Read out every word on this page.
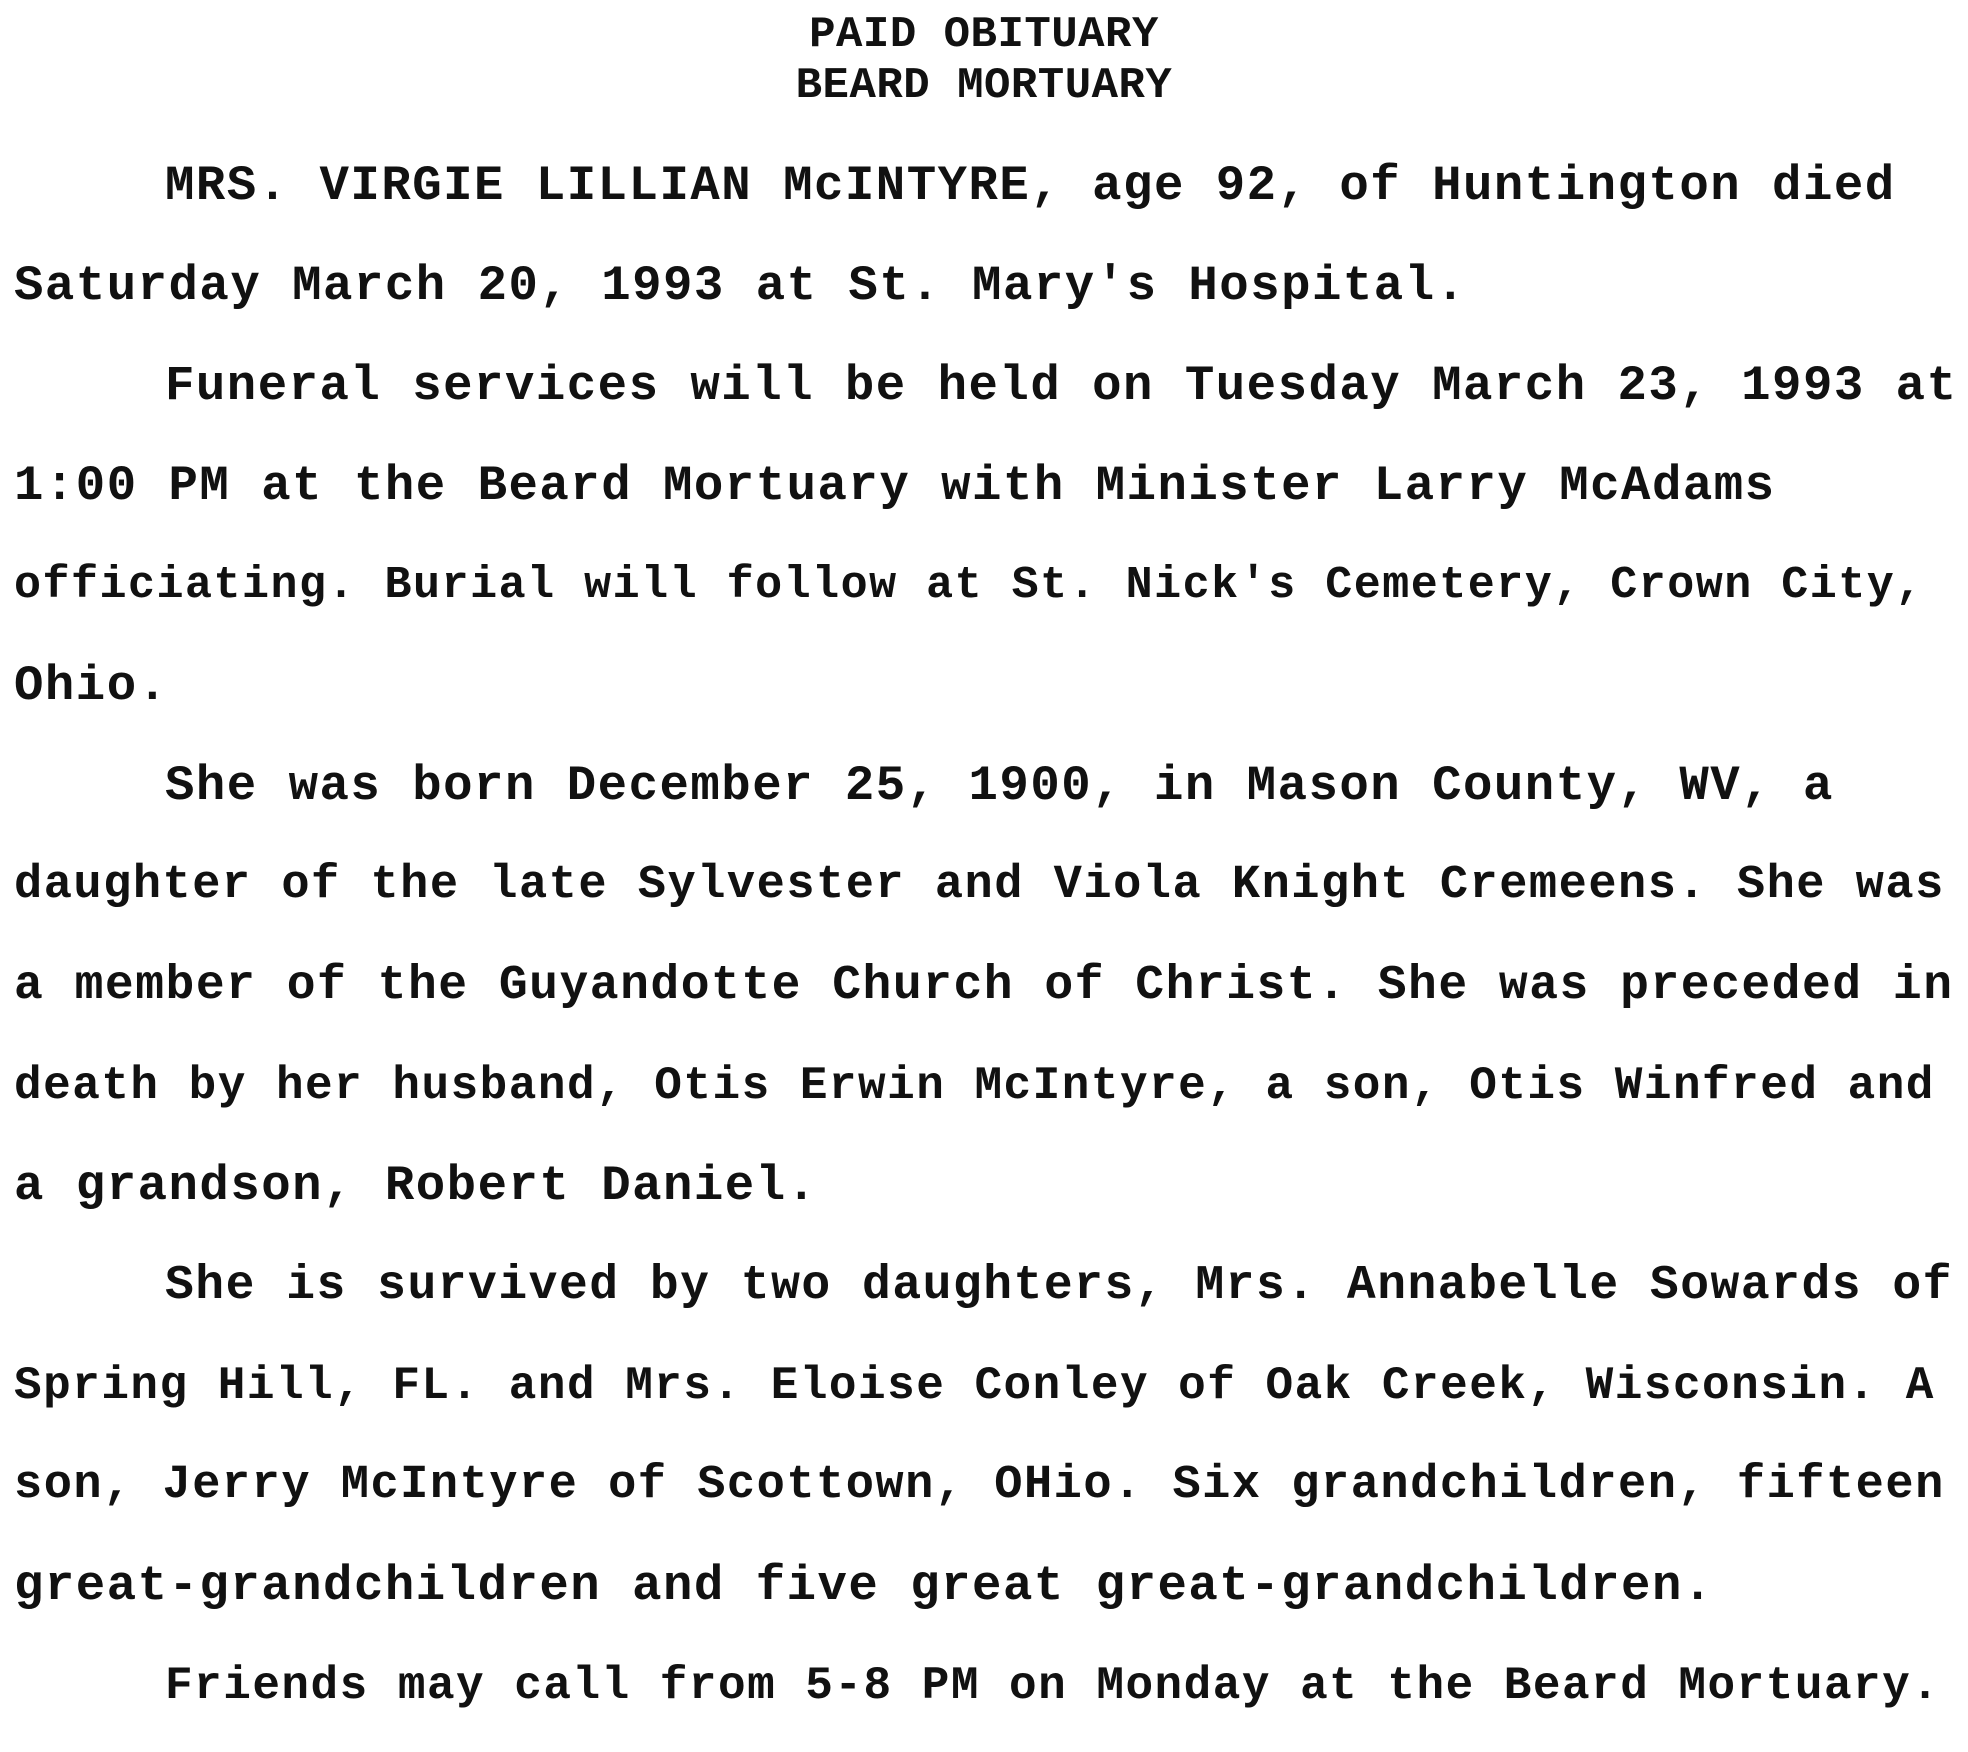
PAID OBITUARY
BEARD MORTUARY
MRS. VIRGIE LILLIAN McINTYRE, age 92, of Huntington died
Saturday March 20, 1993 at St. Mary's Hospital.
Funeral services will be held on Tuesday March 23, 1993 at
1:00 PM at the Beard Mortuary with Minister Larry McAdams
officiating. Burial will follow at St. Nick's Cemetery, Crown City,
Ohio.
She was born December 25, 1900, in Mason County, WV, a
daughter of the late Sylvester and Viola Knight Cremeens. She was
a member of the Guyandotte Church of Christ. She was preceded in
death by her husband, Otis Erwin McIntyre, a son, Otis Winfred and
a grandson, Robert Daniel.
She is survived by two daughters, Mrs. Annabelle Sowards of
Spring Hill, FL. and Mrs. Eloise Conley of Oak Creek, Wisconsin. A
son, Jerry McIntyre of Scottown, OHio. Six grandchildren, fifteen
great-grandchildren and five great great-grandchildren.
Friends may call from 5-8 PM on Monday at the Beard Mortuary.
